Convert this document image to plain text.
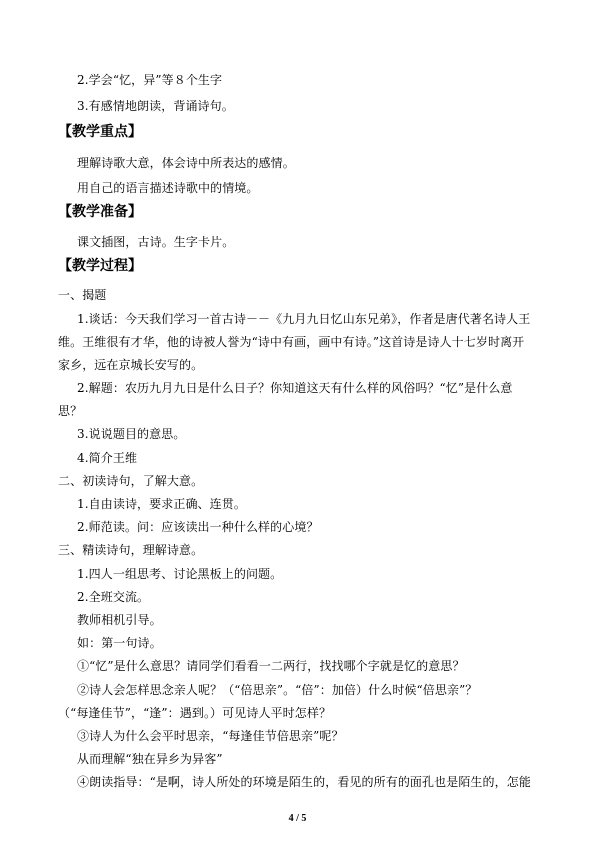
2.学会“忆，异”等８个生字
3.有感情地朗读，背诵诗句。
【教学重点】
理解诗歌大意，体会诗中所表达的感情。
用自己的语言描述诗歌中的情境。
【教学准备】
课文插图，古诗。生字卡片。
【教学过程】
一、揭题
1.谈话：今天我们学习一首古诗－－《九月九日忆山东兄弟》，作者是唐代著名诗人王
维。王维很有才华，他的诗被人誉为“诗中有画，画中有诗。”这首诗是诗人十七岁时离开
家乡，远在京城长安写的。
2.解题：农历九月九日是什么日子？你知道这天有什么样的风俗吗？“忆”是什么意
思？
3.说说题目的意思。
4.简介王维
二、初读诗句，了解大意。
1.自由读诗，要求正确、连贯。
2.师范读。问：应该读出一种什么样的心境？
三、精读诗句，理解诗意。
1.四人一组思考、讨论黑板上的问题。
2.全班交流。
教师相机引导。
如：第一句诗。
①“忆”是什么意思？请同学们看看一二两行，找找哪个字就是忆的意思？
②诗人会怎样思念亲人呢？（“倍思亲”。“倍”：加倍）什么时候“倍思亲”？
（“每逢佳节”，“逢”：遇到。）可见诗人平时怎样？
③诗人为什么会平时思亲，“每逢佳节倍思亲”呢？
从而理解“独在异乡为异客”
④朗读指导：“是啊，诗人所处的环境是陌生的，看见的所有的面孔也是陌生的，怎能
4 / 5
